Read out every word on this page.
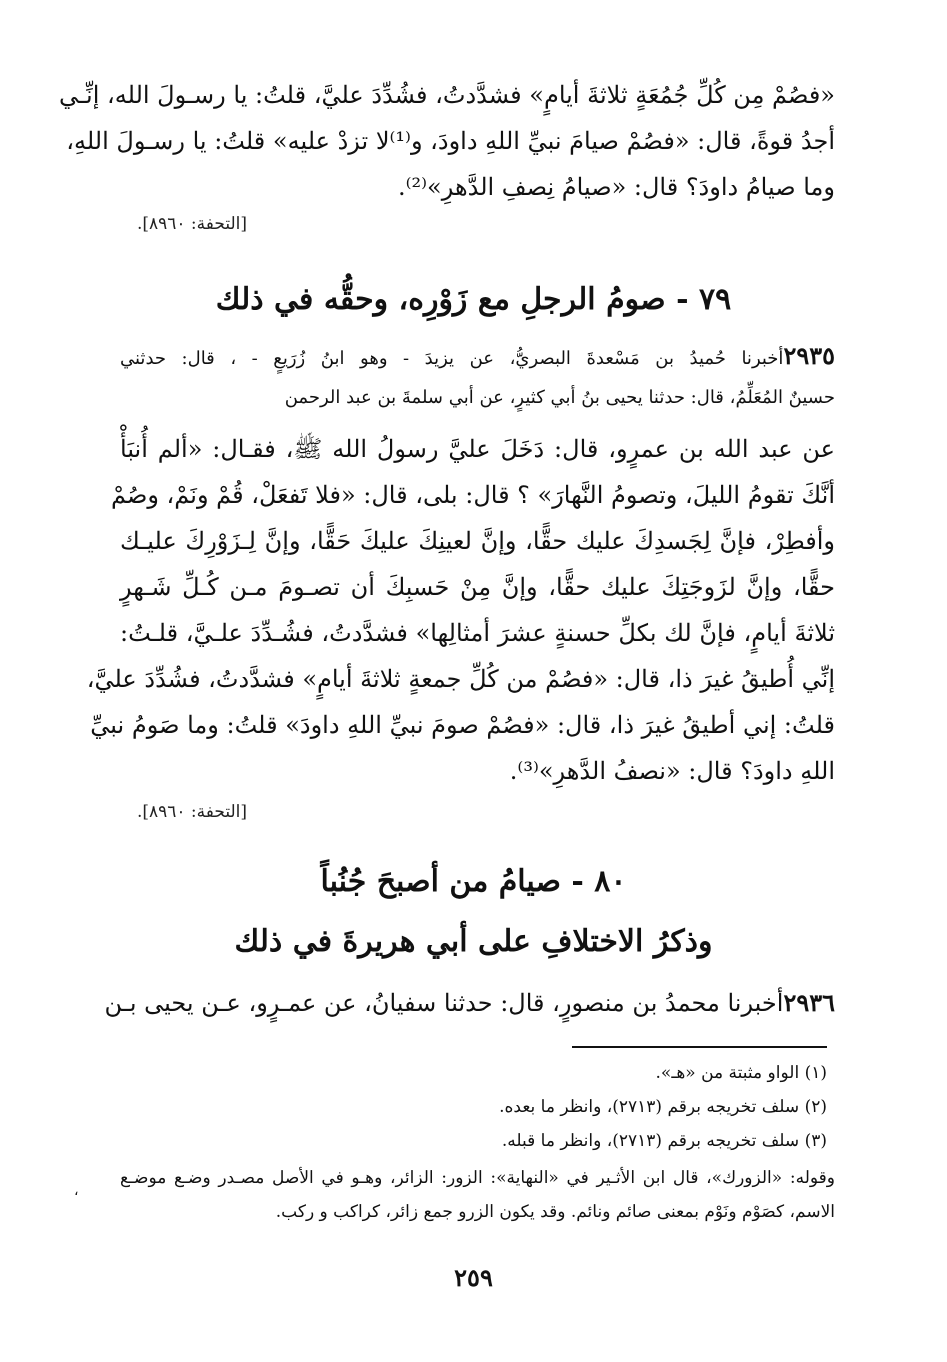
«فصُمْ مِن كُلِّ جُمُعَةٍ ثلاثةَ أيامٍ» فشدَّدتُ، فشُدِّدَ عليَّ، قلتُ: يا رسـولَ الله، إنِّـي
أجدُ قوةً، قال: «فصُمْ صيامَ نبيِّ اللهِ داودَ، و⁽¹⁾لا تزدْ عليه» قلتُ: يا رسـولَ اللهِ،
وما صيامُ داودَ؟ قال: «صيامُ نِصفِ الدَّهرِ»⁽²⁾.
[التحفة: ٨٩٦٠].
٧٩ - صومُ الرجلِ مع زَوْرِه، وحقُّه في ذلك
٢٩٣٥أخبرنا حُميدُ بن مَسْعدةَ البصريُّ، عن يزيدَ - وهو ابنُ زُرَيعٍ - ، قال: حدثني
حسينٌ المُعَلِّمُ، قال: حدثنا يحيى بنُ أبي كثيرٍ، عن أبي سلمةَ بن عبد الرحمن
عن عبد الله بن عمرٍو، قال: دَخَلَ عليَّ رسولُ الله ﷺ، فقـال: «ألم أُنبَأْ
أنَّكَ تقومُ الليلَ، وتصومُ النَّهارَ» ؟ قال: بلى، قال: «فلا تَفعَلْ، قُمْ ونَمْ، وصُمْ
وأفطِرْ، فإنَّ لِجَسدِكَ عليك حقًّا، وإنَّ لعينِكَ عليكَ حَقًّا، وإنَّ لِـزَوْرِكَ عليـك
حقًّا، وإنَّ لزَوجَتِكَ عليك حقًّا، وإنَّ مِنْ حَسبِكَ أن تصـومَ مـن كُـلِّ شَـهرٍ
ثلاثةَ أيامٍ، فإنَّ لك بكلِّ حسنةٍ عشرَ أمثالِها» فشدَّدتُ، فشُـدِّدَ علـيَّ، قلـتُ:
إنِّي أُطيقُ غيرَ ذا، قال: «فصُمْ من كُلِّ جمعةٍ ثلاثةَ أيامٍ» فشدَّدتُ، فشُدِّدَ عليَّ،
قلتُ: إني أطيقُ غيرَ ذا، قال: «فصُمْ صومَ نبيِّ اللهِ داودَ» قلتُ: وما صَومُ نبيِّ
اللهِ داودَ؟ قال: «نصفُ الدَّهرِ»⁽³⁾.
[التحفة: ٨٩٦٠].
٨٠ - صيامُ من أصبحَ جُنُباً
وذكرُ الاختلافِ على أبي هريرةَ في ذلك
٢٩٣٦أخبرنا محمدُ بن منصورٍ، قال: حدثنا سفيانُ، عن عمـرٍو، عـن يحيى بـن
(١) الواو مثبتة من «هـ».
(٢) سلف تخريجه برقم (٢٧١٣)، وانظر ما بعده.
(٣) سلف تخريجه برقم (٢٧١٣)، وانظر ما قبله.
وقوله: «الزورك»، قال ابن الأثـير في «النهاية»: الزور: الزائر، وهـو في الأصل مصـدر وضـع موضـع
الاسم، كصَوْم ونَوْم بمعنى صائم ونائم. وقد يكون الزرو جمع زائر، كراكب و ركب.
،
٢٥٩
